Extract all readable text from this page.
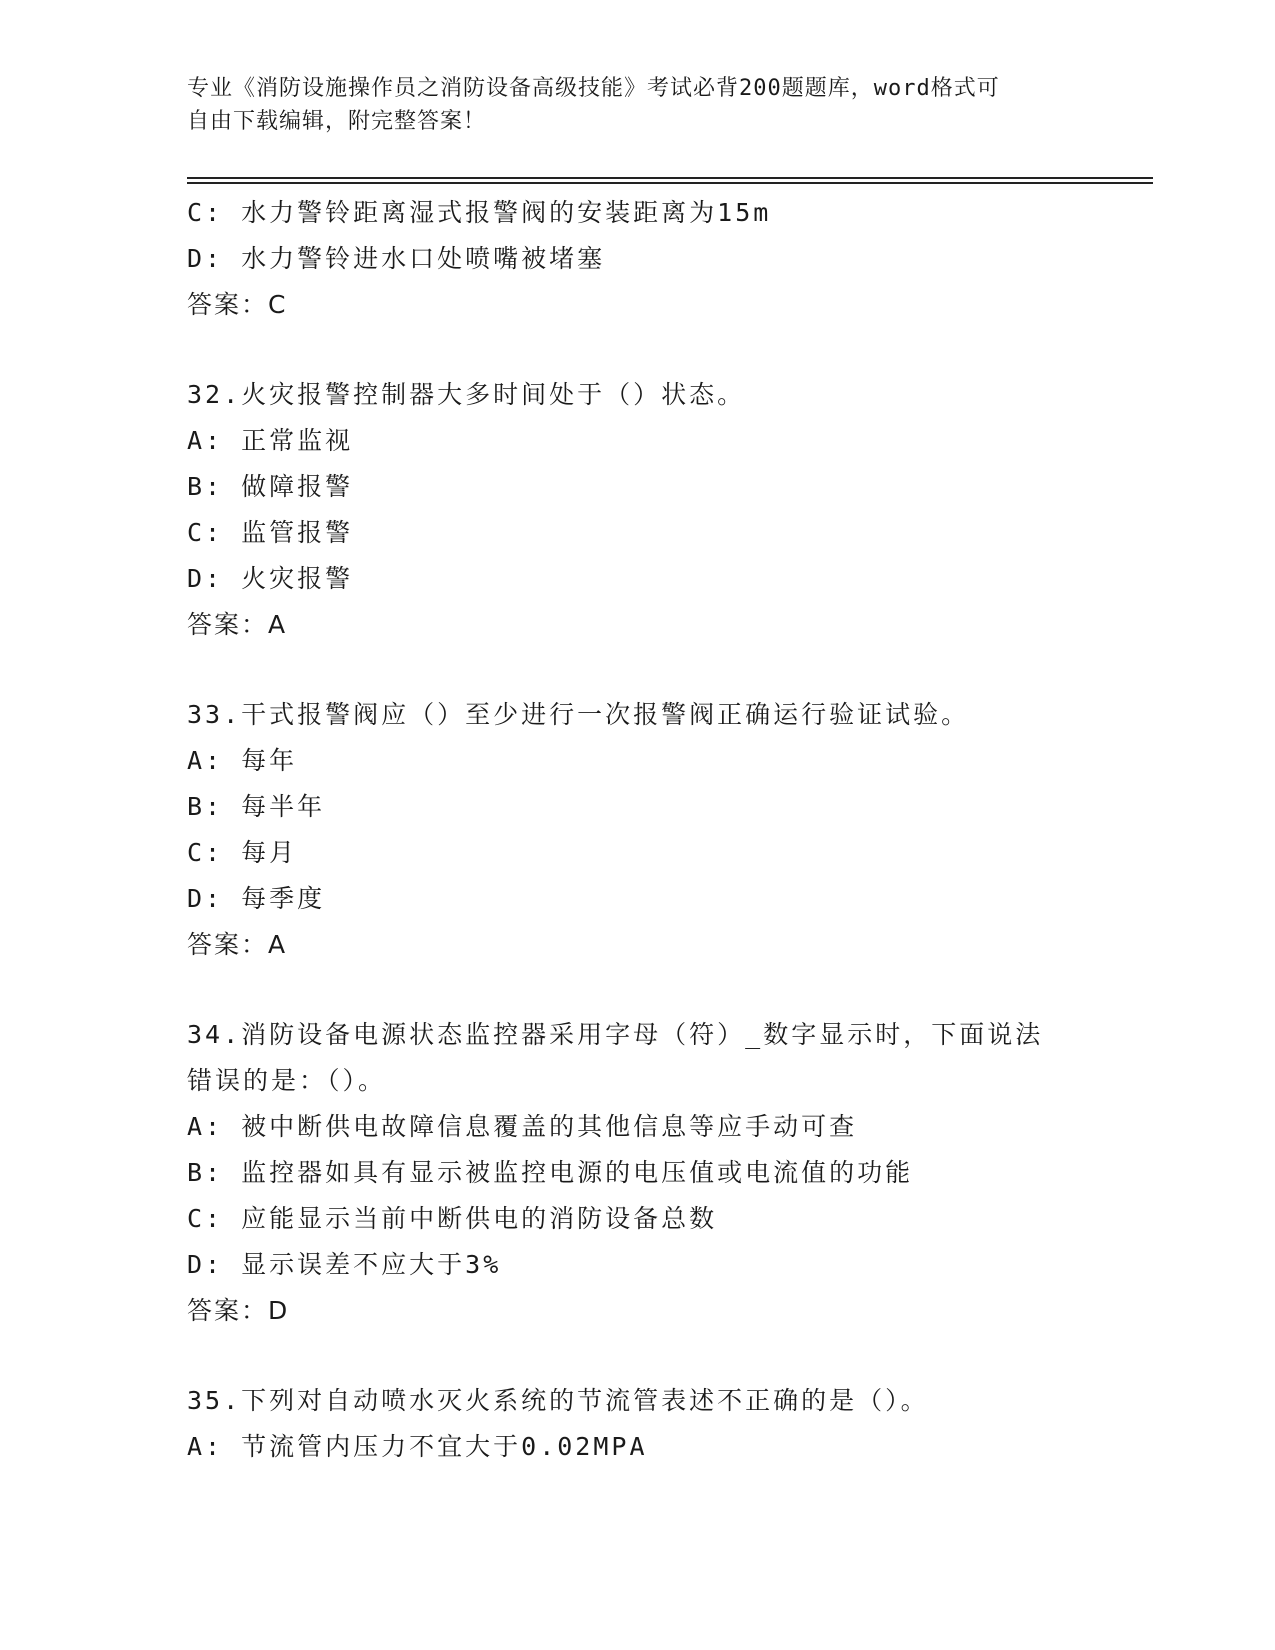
专业《消防设施操作员之消防设备高级技能》考试必背200题题库，word格式可
自由下载编辑，附完整答案！
C: 水力警铃距离湿式报警阀的安装距离为15m
D: 水力警铃进水口处喷嘴被堵塞
答案：C
32.火灾报警控制器大多时间处于（）状态。
A: 正常监视
B: 做障报警
C: 监管报警
D: 火灾报警
答案：A
33.干式报警阀应（）至少进行一次报警阀正确运行验证试验。
A: 每年
B: 每半年
C: 每月
D: 每季度
答案：A
34.消防设备电源状态监控器采用字母（符）_数字显示时，下面说法
错误的是：（）。
A: 被中断供电故障信息覆盖的其他信息等应手动可查
B: 监控器如具有显示被监控电源的电压值或电流值的功能
C: 应能显示当前中断供电的消防设备总数
D: 显示误差不应大于3%
答案：D
35.下列对自动喷水灭火系统的节流管表述不正确的是（）。
A: 节流管内压力不宜大于0.02MPA
